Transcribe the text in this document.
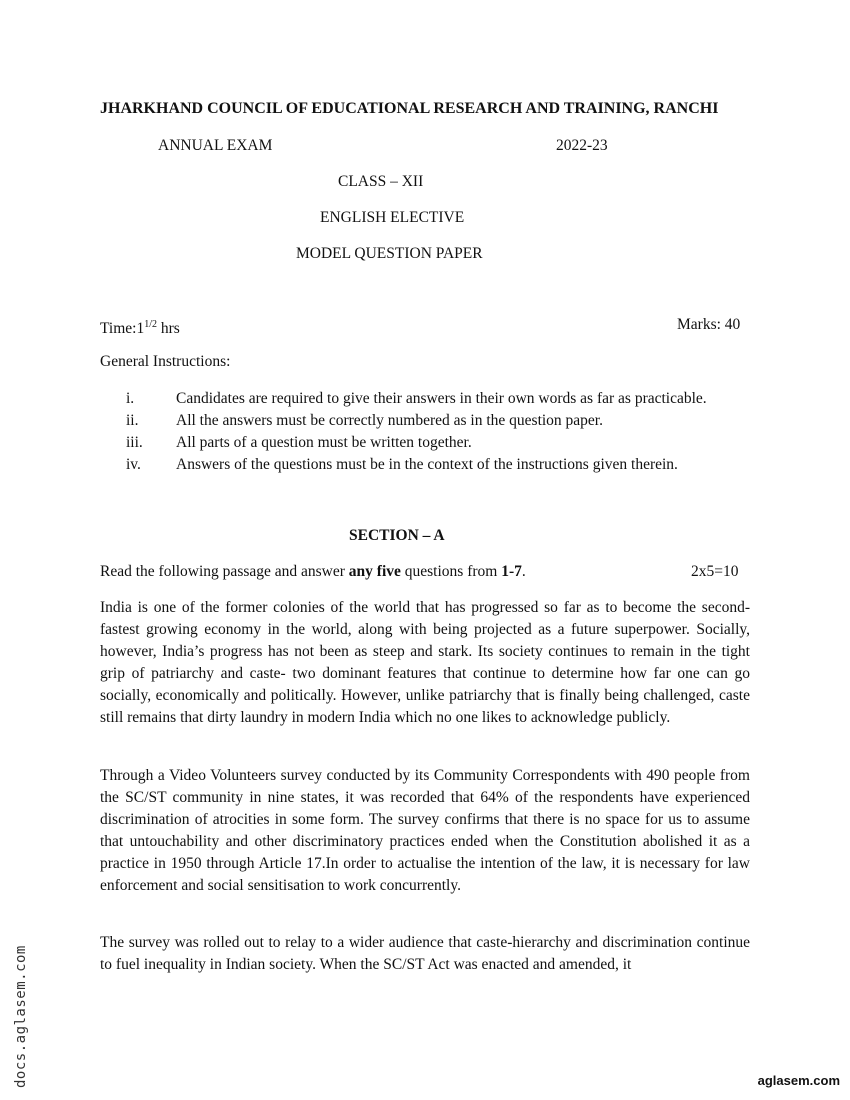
JHARKHAND COUNCIL OF EDUCATIONAL RESEARCH AND TRAINING, RANCHI
ANNUAL EXAM	2022-23
CLASS – XII
ENGLISH ELECTIVE
MODEL QUESTION PAPER
$Time:1^{1/2}$ hrs	Marks: 40
General Instructions:
i.	Candidates are required to give their answers in their own words as far as practicable.
ii. All the answers must be correctly numbered as in the question paper.
iii. All parts of a question must be written together.
iv. Answers of the questions must be in the context of the instructions given therein.
SECTION – A
Read the following passage and answer any five questions from 1-7.	2x5=10

India is one of the former colonies of the world that has progressed so far as to become the second-fastest growing economy in the world, along with being projected as a future superpower. Socially, however, India’s progress has not been as steep and stark. Its society continues to remain in the tight grip of patriarchy and caste- two dominant features that continue to determine how far one can go socially, economically and politically. However, unlike patriarchy that is finally being challenged, caste still remains that dirty laundry in modern India which no one likes to acknowledge publicly.

Through a Video Volunteers survey conducted by its Community Correspondents with 490 people from the SC/ST community in nine states, it was recorded that 64% of the respondents have experienced discrimination of atrocities in some form. The survey confirms that there is no space for us to assume that untouchability and other discriminatory practices ended when the Constitution abolished it as a practice in 1950 through Article 17.In order to actualise the intention of the law, it is necessary for law enforcement and social sensitisation to work concurrently.

The survey was rolled out to relay to a wider audience that caste-hierarchy and discrimination continue to fuel inequality in Indian society. When the SC/ST Act was enacted and amended, it

docs.aglasem.com	aglasem.com
